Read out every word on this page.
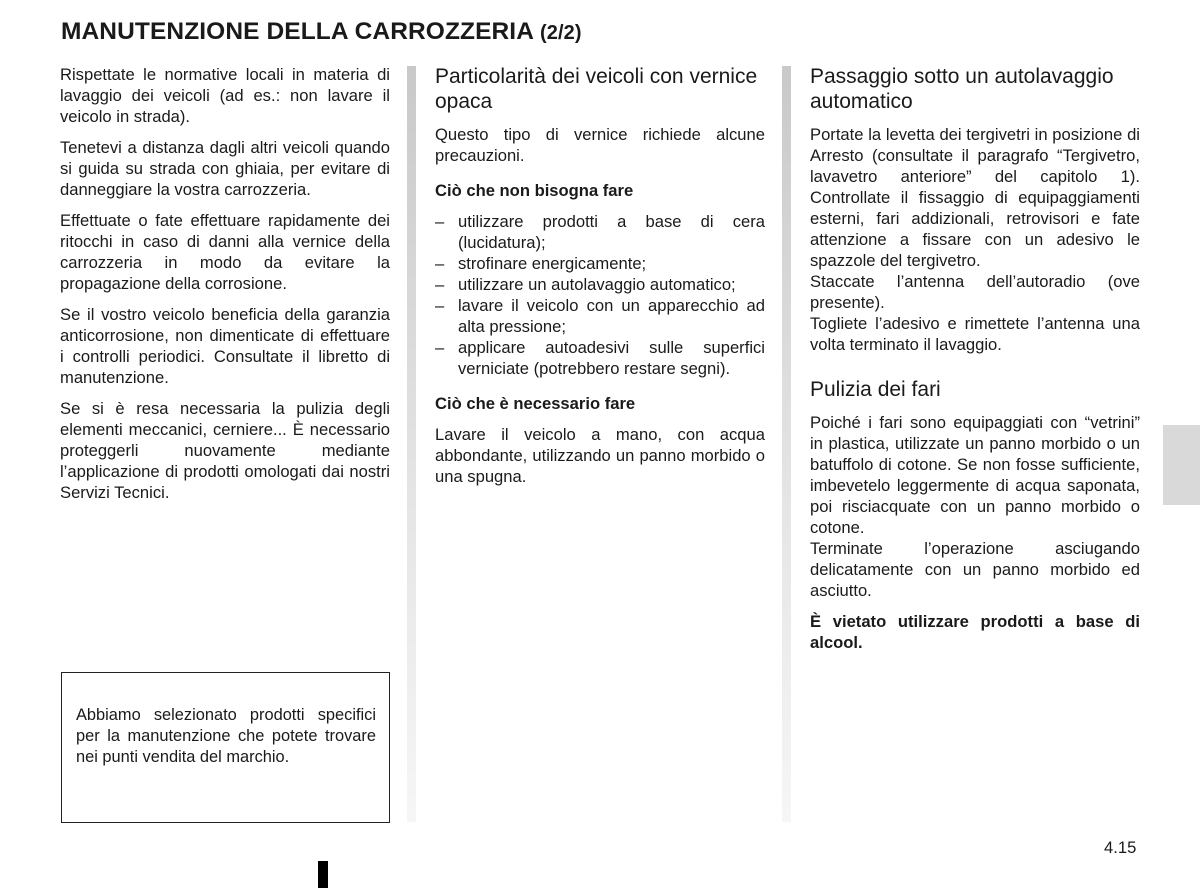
MANUTENZIONE DELLA CARROZZERIA (2/2)

Rispettate le normative locali in materia di lavaggio dei veicoli (ad es.: non lavare il veicolo in strada).

Tenetevi a distanza dagli altri veicoli quando si guida su strada con ghiaia, per evitare di danneggiare la vostra carrozzeria.

Effettuate o fate effettuare rapidamente dei ritocchi in caso di danni alla vernice della carrozzeria in modo da evitare la propagazione della corrosione.

Se il vostro veicolo beneficia della garanzia anticorrosione, non dimenticate di effettuare i controlli periodici. Consultate il libretto di manutenzione.

Se si è resa necessaria la pulizia degli elementi meccanici, cerniere... È necessario proteggerli nuovamente mediante l’applicazione di prodotti omologati dai nostri Servizi Tecnici.

Abbiamo selezionato prodotti specifici per la manutenzione che potete trovare nei punti vendita del marchio.

Particolarità dei veicoli con vernice opaca

Questo tipo di vernice richiede alcune precauzioni.

Ciò che non bisogna fare
– utilizzare prodotti a base di cera (lucidatura);
– strofinare energicamente;
– utilizzare un autolavaggio automatico;
– lavare il veicolo con un apparecchio ad alta pressione;
– applicare autoadesivi sulle superfici verniciate (potrebbero restare segni).
Ciò che è necessario fare

Lavare il veicolo a mano, con acqua abbondante, utilizzando un panno morbido o una spugna.

Passaggio sotto un autolavaggio automatico

Portate la levetta dei tergivetri in posizione di Arresto (consultate il paragrafo “Tergivetro, lavavetro anteriore” del capitolo 1). Controllate il fissaggio di equipaggiamenti esterni, fari addizionali, retrovisori e fate attenzione a fissare con un adesivo le spazzole del tergivetro.

Staccate l’antenna dell’autoradio (ove presente).

Togliete l’adesivo e rimettete l’antenna una volta terminato il lavaggio.

Pulizia dei fari

Poiché i fari sono equipaggiati con “vetrini” in plastica, utilizzate un panno morbido o un batuffolo di cotone. Se non fosse sufficiente, imbevetelo leggermente di acqua saponata, poi risciacquate con un panno morbido o cotone.

Terminate l’operazione asciugando delicatamente con un panno morbido ed asciutto.

È vietato utilizzare prodotti a base di alcool.

4.15
